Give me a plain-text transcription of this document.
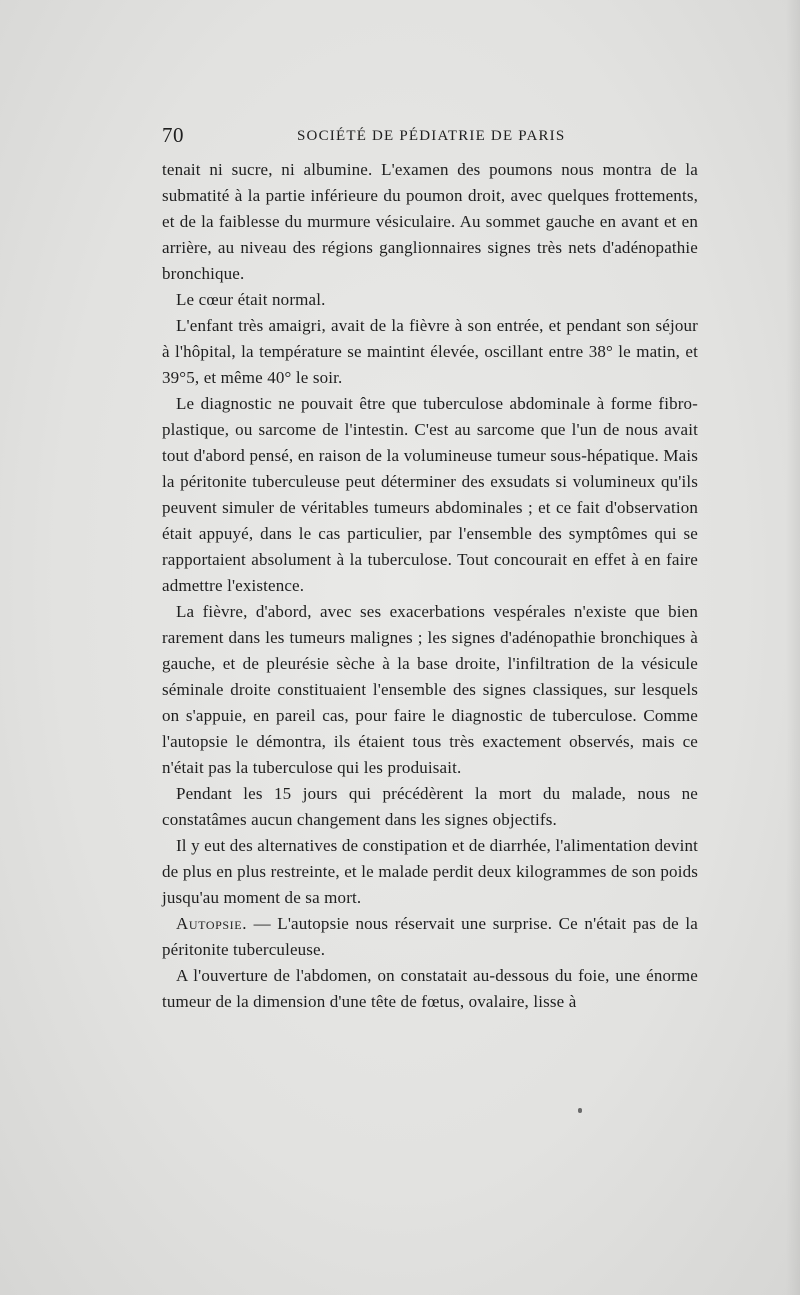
70	SOCIÉTÉ DE PÉDIATRIE DE PARIS

tenait ni sucre, ni albumine. L'examen des poumons nous montra de la submatité à la partie inférieure du poumon droit, avec quelques frottements, et de la faiblesse du murmure vésiculaire. Au sommet gauche en avant et en arrière, au niveau des régions ganglionnaires signes très nets d'adénopathie bronchique.

Le cœur était normal.

L'enfant très amaigri, avait de la fièvre à son entrée, et pendant son séjour à l'hôpital, la température se maintint élevée, oscillant entre 38° le matin, et 39°5, et même 40° le soir.

Le diagnostic ne pouvait être que tuberculose abdominale à forme fibro-plastique, ou sarcome de l'intestin. C'est au sarcome que l'un de nous avait tout d'abord pensé, en raison de la volumineuse tumeur sous-hépatique. Mais la péritonite tuberculeuse peut déterminer des exsudats si volumineux qu'ils peuvent simuler de véritables tumeurs abdominales ; et ce fait d'observation était appuyé, dans le cas particulier, par l'ensemble des symptômes qui se rapportaient absolument à la tuberculose. Tout concourait en effet à en faire admettre l'existence.

La fièvre, d'abord, avec ses exacerbations vespérales n'existe que bien rarement dans les tumeurs malignes ; les signes d'adénopathie bronchiques à gauche, et de pleurésie sèche à la base droite, l'infiltration de la vésicule séminale droite constituaient l'ensemble des signes classiques, sur lesquels on s'appuie, en pareil cas, pour faire le diagnostic de tuberculose. Comme l'autopsie le démontra, ils étaient tous très exactement observés, mais ce n'était pas la tuberculose qui les produisait.

Pendant les 15 jours qui précédèrent la mort du malade, nous ne constatâmes aucun changement dans les signes objectifs.

Il y eut des alternatives de constipation et de diarrhée, l'alimentation devint de plus en plus restreinte, et le malade perdit deux kilogrammes de son poids jusqu'au moment de sa mort.

Autopsie. — L'autopsie nous réservait une surprise. Ce n'était pas de la péritonite tuberculeuse.

A l'ouverture de l'abdomen, on constatait au-dessous du foie, une énorme tumeur de la dimension d'une tête de fœtus, ovalaire, lisse à
